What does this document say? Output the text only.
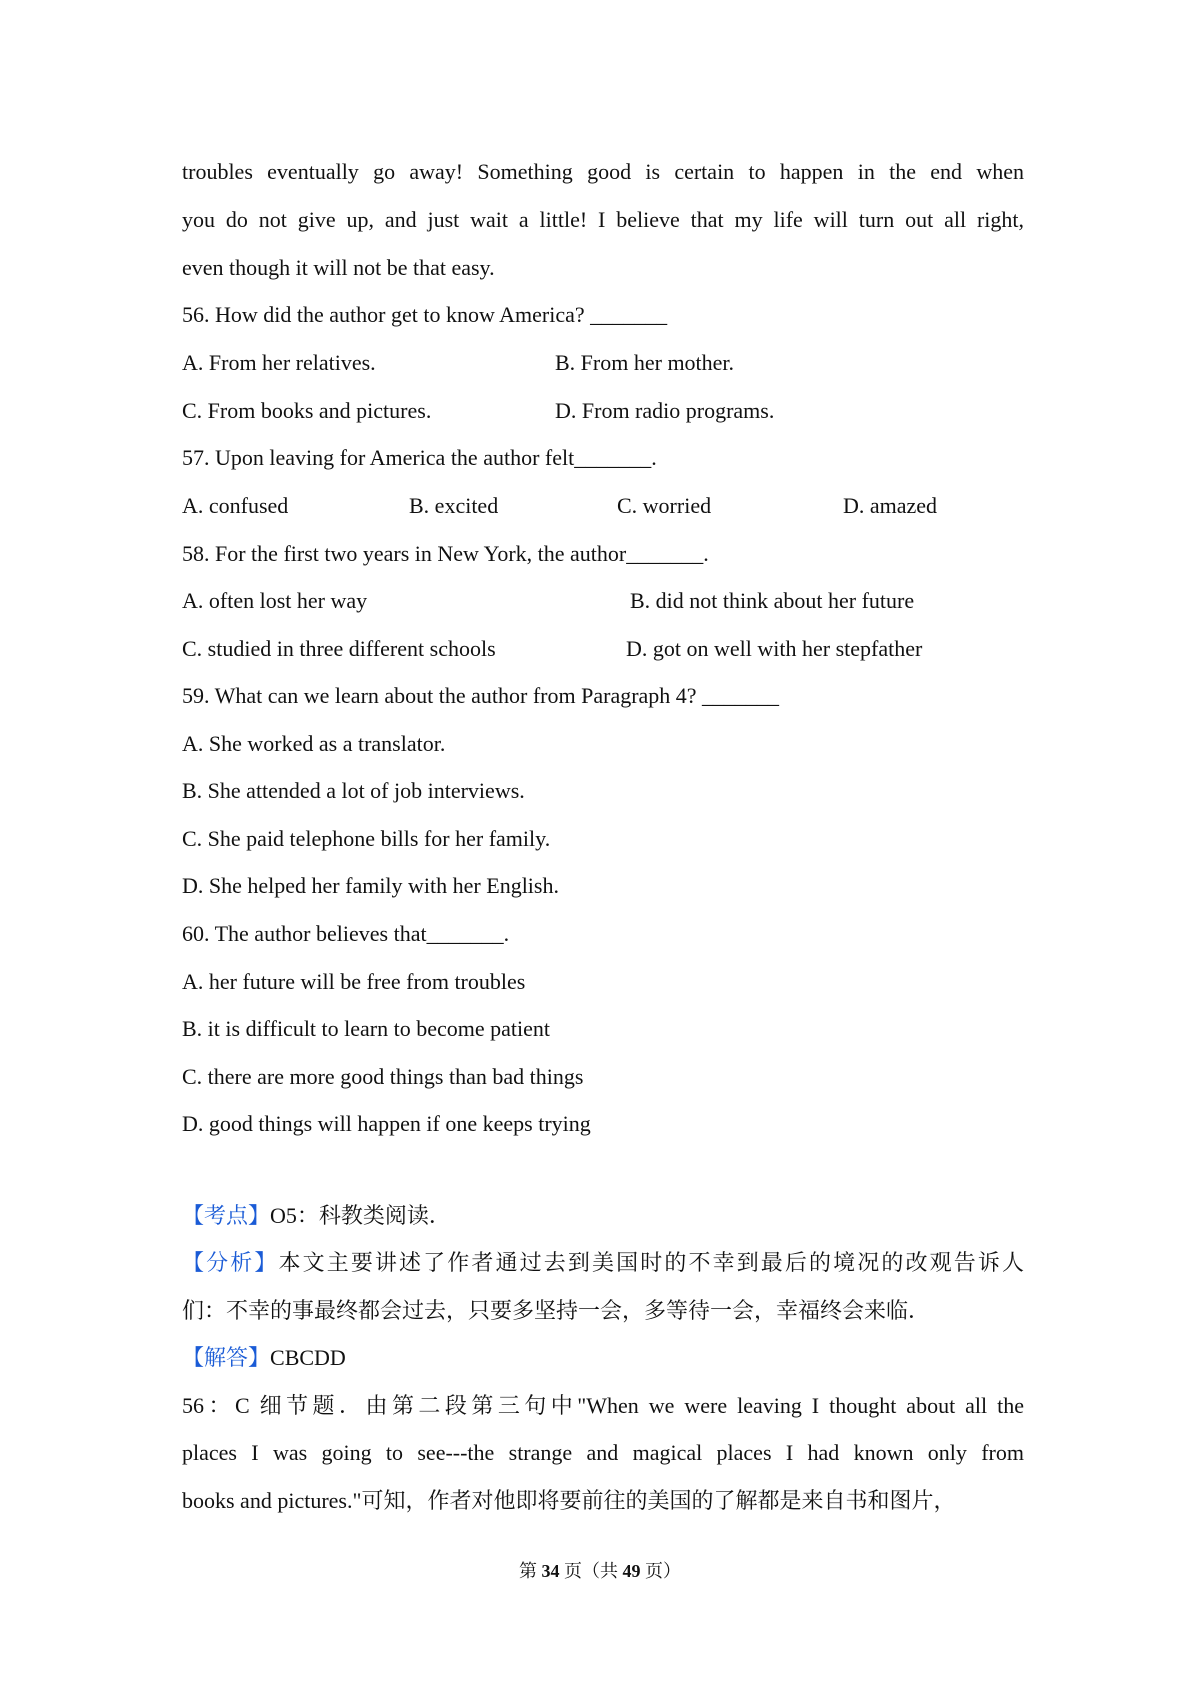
troubles eventually go away! Something good is certain to happen in the end when
you do not give up, and just wait a little! I believe that my life will turn out all right,
even though it will not be that easy.
56. How did the author get to know America? _______
A. From her relatives.	B. From her mother.
C. From books and pictures.	D. From radio programs.
57. Upon leaving for America the author felt_______.
A. confused	B. excited	C. worried	D. amazed
58. For the first two years in New York, the author_______.
A. often lost her way	B. did not think about her future
C. studied in three different schools	D. got on well with her stepfather
59. What can we learn about the author from Paragraph 4? _______
A. She worked as a translator.
B. She attended a lot of job interviews.
C. She paid telephone bills for her family.
D. She helped her family with her English.
60. The author believes that_______.
A. her future will be free from troubles
B. it is difficult to learn to become patient
C. there are more good things than bad things
D. good things will happen if one keeps trying
【考点】O5：科教类阅读．
【分析】本文主要讲述了作者通过去到美国时的不幸到最后的境况的改观告诉人
们：不幸的事最终都会过去，只要多坚持一会，多等待一会，幸福终会来临．
【解答】CBCDD
56：C 细节题．由第二段第三句中"When we were leaving I thought about all the
places I was going to see---the strange and magical places I had known only from
books and pictures."可知，作者对他即将要前往的美国的了解都是来自书和图片，
第 34 页（共 49 页）
